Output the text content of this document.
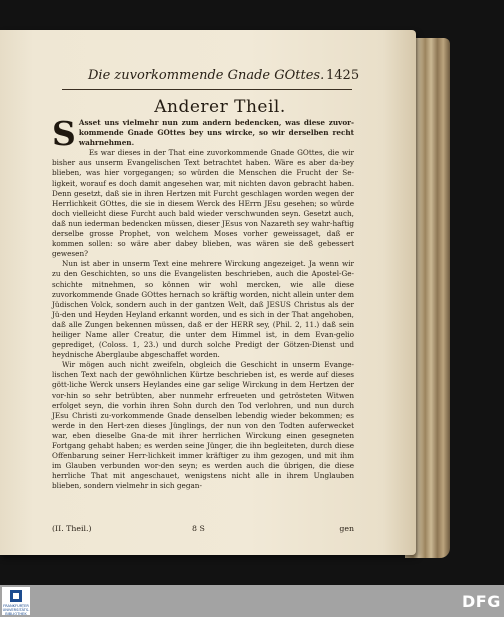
Die zuvorkommende Gnade GOttes. 1425
Anderer Theil.

S Asset uns vielmehr nun zum andern bedencken, was diese zuvor-kommende Gnade GOttes bey uns wircke, so wir derselben recht wahrnehmen.

Es war dieses in der That eine zuvorkommende Gnade GOttes, die wir bisher aus unserm Evangelischen Text betrachtet haben. Wäre es aber da-bey blieben, was hier vorgegangen; so würden die Menschen die Frucht der Se-ligkeit, worauf es doch damit angesehen war, mit nichten davon gebracht haben. Denn gesetzt, daß sie in ihren Hertzen mit Furcht geschlagen worden wegen der Herrlichkeit GOttes, die sie in diesem Werck des HErrn JEsu gesehen; so würde doch vielleicht diese Furcht auch bald wieder verschwunden seyn. Gesetzt auch, daß nun iederman bedencken müssen, dieser JEsus von Nazareth sey wahr-haftig derselbe grosse Prophet, von welchem Moses vorher geweissaget, daß er kommen sollen: so wäre aber dabey blieben, was wären sie deß gebessert gewesen?

Nun ist aber in unserm Text eine mehrere Wirckung angezeiget. Ja wenn wir zu den Geschichten, so uns die Evangelisten beschrieben, auch die Apostel-Ge-schichte mitnehmen, so können wir wohl mercken, wie alle diese zuvorkommende Gnade GOttes hernach so kräftig worden, nicht allein unter dem Jüdischen Volck, sondern auch in der gantzen Welt, daß JESUS Christus als der Jü-den und Heyden Heyland erkannt worden, und es sich in der That angehoben, daß alle Zungen bekennen müssen, daß er der HERR sey, (Phil. 2, 11.) daß sein heiliger Name aller Creatur, die unter dem Himmel ist, in dem Evan-gelio geprediget, (Coloss. 1, 23.) und durch solche Predigt der Götzen-Dienst und heydnische Aberglaube abgeschaffet worden.

Wir mögen auch nicht zweifeln, obgleich die Geschicht in unserm Evange-lischen Text nach der gewöhnlichen Kürtze beschrieben ist, es werde auf dieses gött-liche Werck unsers Heylandes eine gar selige Wirckung in dem Hertzen der vor-hin so sehr betrübten, aber nunmehr erfreueten und getrösteten Witwen erfolget seyn, die vorhin ihren Sohn durch den Tod verlohren, und nun durch JEsu Christi zu-vorkommende Gnade denselben lebendig wieder bekommen; es werde in den Hert-zen dieses Jünglings, der nun von den Todten auferwecket war, eben dieselbe Gna-de mit ihrer herrlichen Wirckung einen gesegneten Fortgang gehabt haben; es werden seine Jünger, die ihn begleiteten, durch diese Offenbarung seiner Herr-lichkeit immer kräftiger zu ihm gezogen, und mit ihm im Glauben verbunden wor-den seyn; es werden auch die übrigen, die diese herrliche That mit angeschauet, wenigstens nicht alle in ihrem Unglauben blieben, sondern vielmehr in sich gegan-

(II. Theil.)	8 S	gen
FRANKFURTER
UNIVERSITÄTS-
BIBLIOTHEK
DFG
